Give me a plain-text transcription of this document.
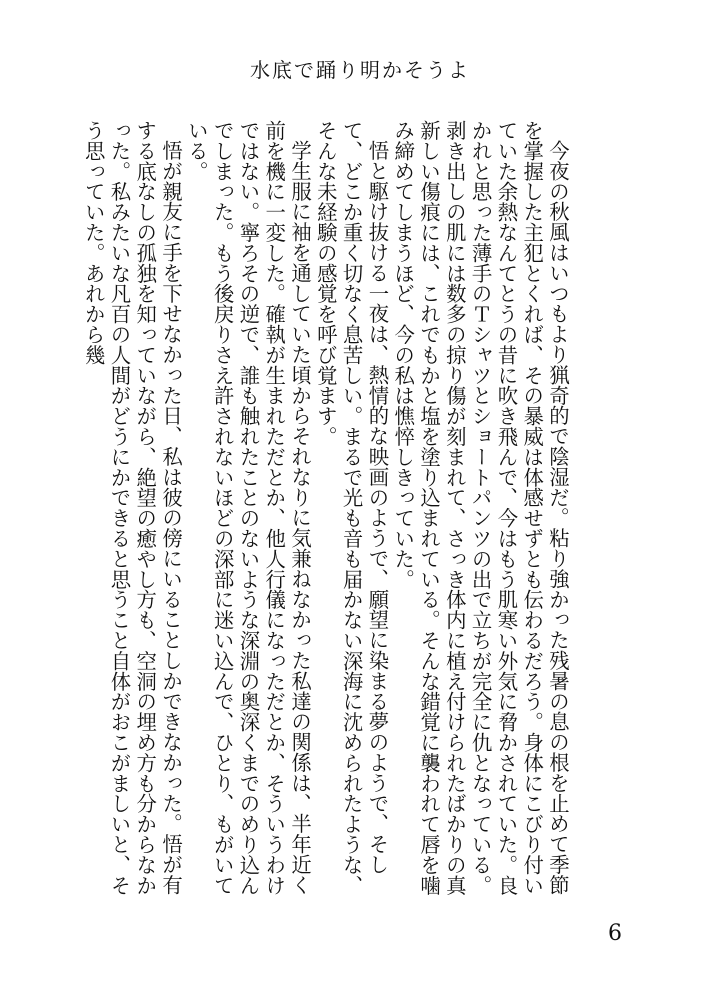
水底で踊り明かそうよ

今夜の秋風はいつもより猟奇的で陰湿だ。粘り強かった残暑の息の根を止めて季節を掌握した主犯とくれば、その暴威は体感せずとも伝わるだろう。身体にこびり付いていた余熱なんてとうの昔に吹き飛んで、今はもう肌寒い外気に脅かされていた。良かれと思った薄手のＴシャツとショートパンツの出で立ちが完全に仇となっている。剥き出しの肌には数多の掠り傷が刻まれて、さっき体内に植え付けられたばかりの真新しい傷痕には、これでもかと塩を塗り込まれている。そんな錯覚に襲われて唇を噛み締めてしまうほど、今の私は憔悴しきっていた。

悟と駆け抜ける一夜は、熱情的な映画のようで、願望に染まる夢のようで、そして、どこか重く切なく息苦しい。まるで光も音も届かない深海に沈められたような、そんな未経験の感覚を呼び覚ます。

学生服に袖を通していた頃からそれなりに気兼ねなかった私達の関係は、半年近く前を機に一変した。確執が生まれただとか、他人行儀になっただとか、そういうわけではない。寧ろその逆で、誰も触れたことのないような深淵の奥深くまでのめり込んでしまった。もう後戻りさえ許されないほどの深部に迷い込んで、ひとり、もがいている。

悟が親友に手を下せなかった日、私は彼の傍にいることしかできなかった。悟が有する底なしの孤独を知っていながら、絶望の癒やし方も、空洞の埋め方も分からなかった。私みたいな凡百の人間がどうにかできると思うこと自体がおこがましいと、そう思っていた。あれから幾

6
